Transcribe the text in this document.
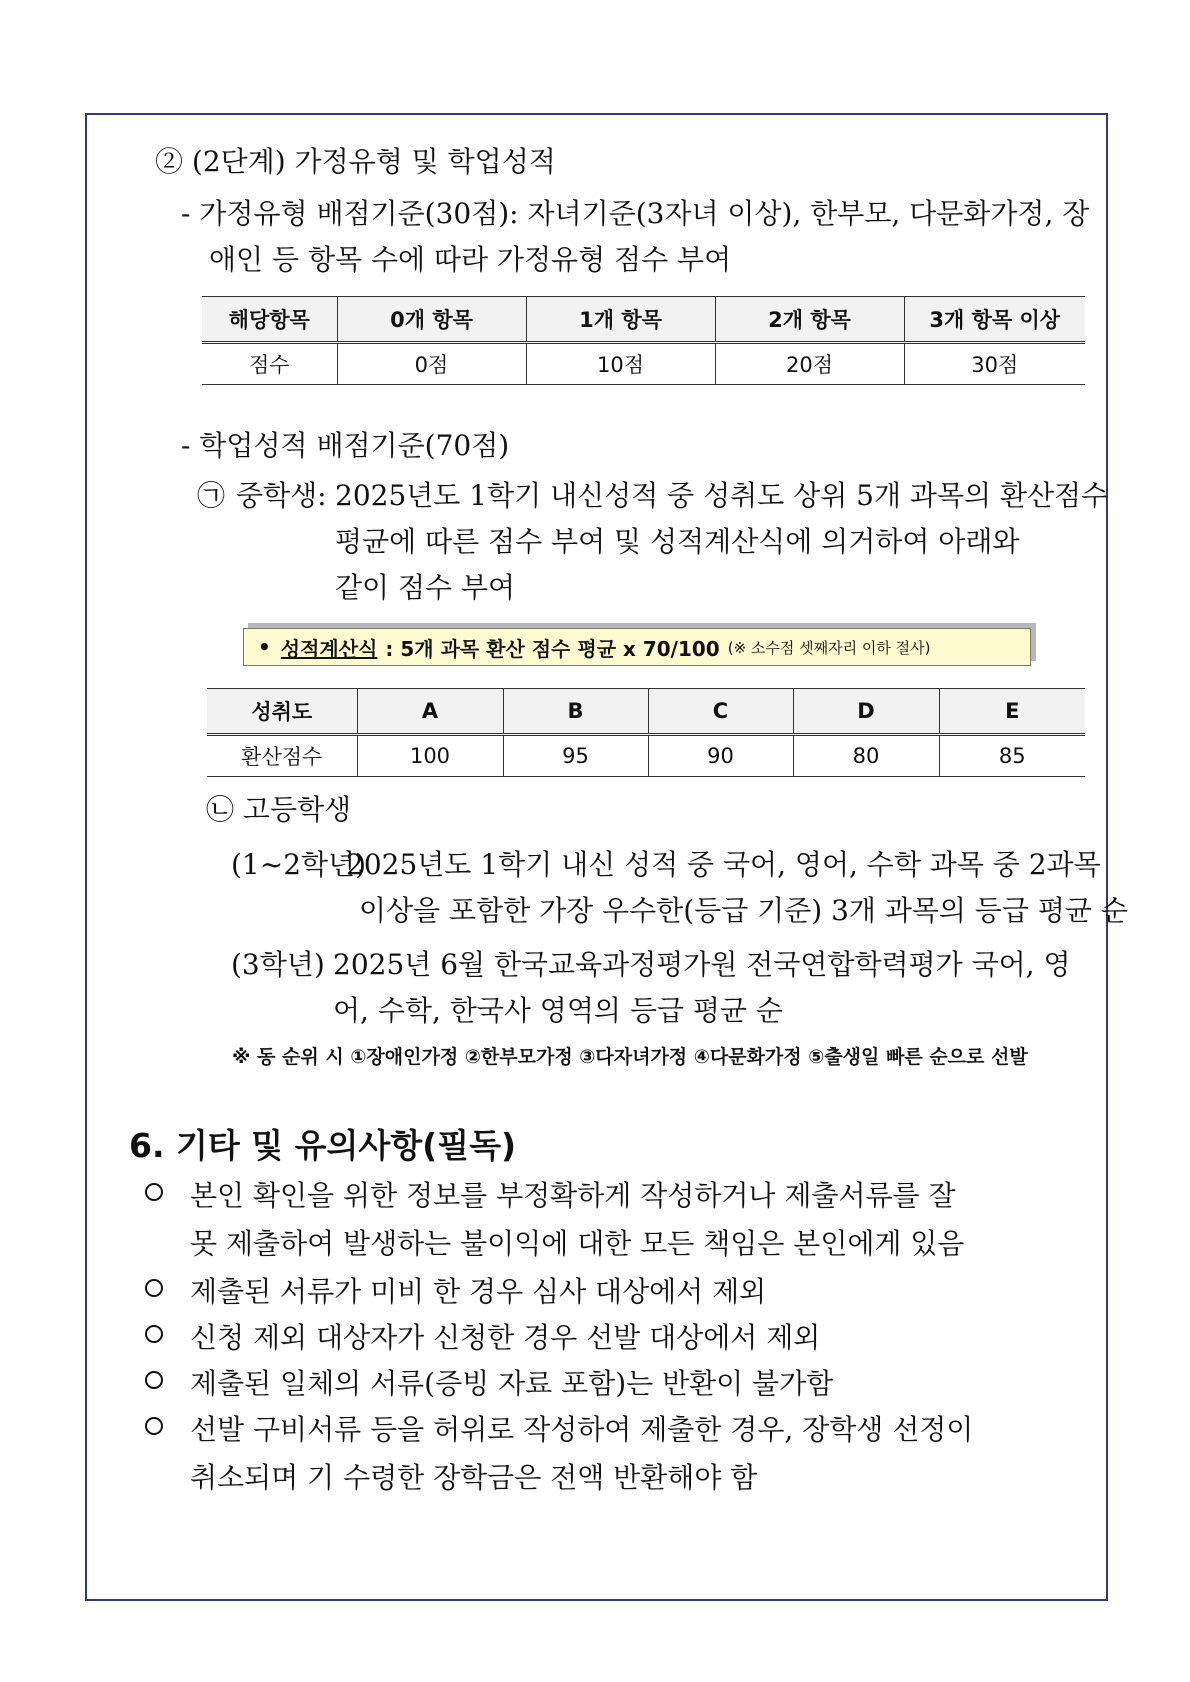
② (2단계) 가정유형 및 학업성적
- 가정유형 배점기준(30점): 자녀기준(3자녀 이상), 한부모, 다문화가정, 장
애인 등 항목 수에 따라 가정유형 점수 부여
해당항목	0개 항목	1개 항목	2개 항목	3개 항목 이상
점수	0점	10점	20점	30점
- 학업성적 배점기준(70점)
㉠ 중학생: 2025년도 1학기 내신성적 중 성취도 상위 5개 과목의 환산점수
평균에 따른 점수 부여 및 성적계산식에 의거하여 아래와
같이 점수 부여
• 성적계산식 : 5개 과목 환산 점수 평균 x 70/100 (※ 소수점 셋째자리 이하 절사)
성취도	A	B	C	D	E
환산점수	100	95	90	80	85
㉡ 고등학생
(1~2학년)
2025년도 1학기 내신 성적 중 국어, 영어, 수학 과목 중 2과목
이상을 포함한 가장 우수한(등급 기준) 3개 과목의 등급 평균 순
(3학년) 2025년 6월 한국교육과정평가원 전국연합학력평가 국어, 영
어, 수학, 한국사 영역의 등급 평균 순
※ 동 순위 시 ①장애인가정 ②한부모가정 ③다자녀가정 ④다문화가정 ⑤출생일 빠른 순으로 선발
6. 기타 및 유의사항(필독)
본인 확인을 위한 정보를 부정확하게 작성하거나 제출서류를 잘
못 제출하여 발생하는 불이익에 대한 모든 책임은 본인에게 있음
제출된 서류가 미비 한 경우 심사 대상에서 제외
신청 제외 대상자가 신청한 경우 선발 대상에서 제외
제출된 일체의 서류(증빙 자료 포함)는 반환이 불가함
선발 구비서류 등을 허위로 작성하여 제출한 경우, 장학생 선정이
취소되며 기 수령한 장학금은 전액 반환해야 함
